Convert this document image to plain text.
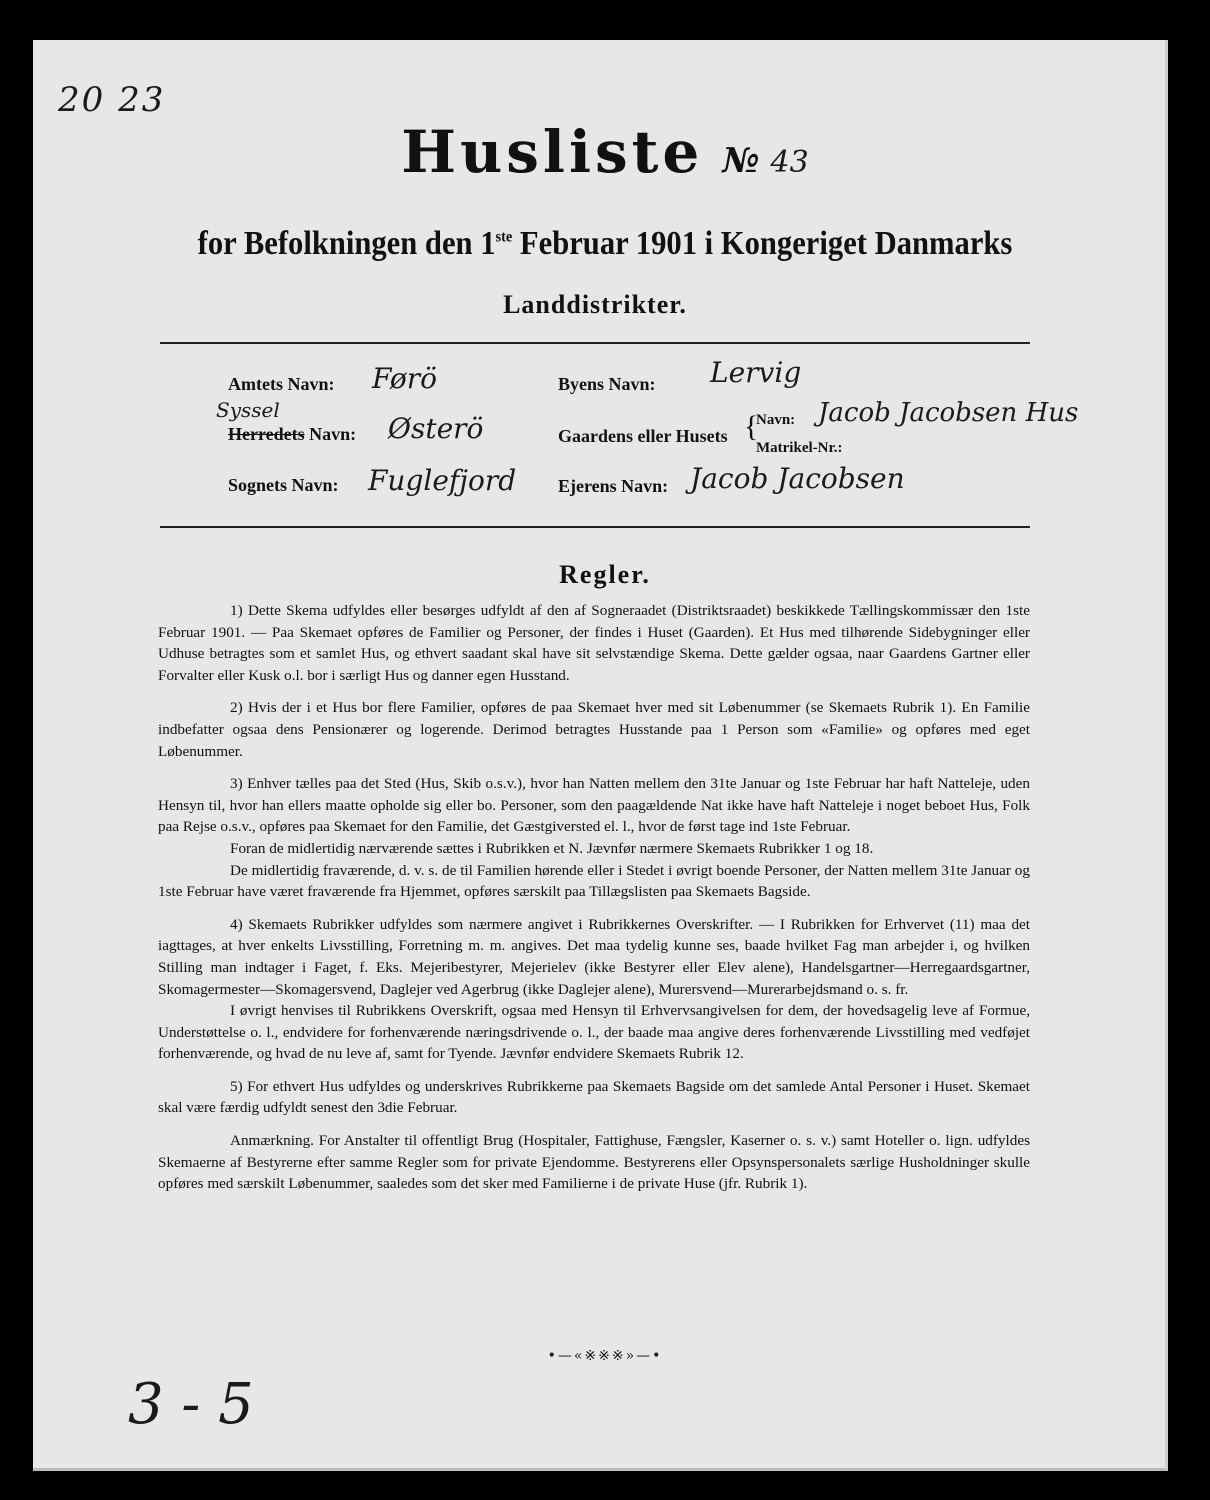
20 23
Husliste № 43
for Befolkningen den 1ste Februar 1901 i Kongeriget Danmarks
Landdistrikter.
Amtets Navn: Førö	Byens Navn: Lervig
Syssel
Herredets Navn: Østerö	Gaardens eller Husets {
Navn: Jacob Jacobsen Hus
Matrikel-Nr.:
Sognets Navn: Fuglefjord Ejerens Navn: Jacob Jacobsen
Regler.

1) Dette Skema udfyldes eller besørges udfyldt af den af Sogneraadet (Distriktsraadet) beskikkede Tællingskommissær den 1ste Februar 1901. — Paa Skemaet opføres de Familier og Personer, der findes i Huset (Gaarden). Et Hus med tilhørende Sidebygninger eller Udhuse betragtes som et samlet Hus, og ethvert saadant skal have sit selvstændige Skema. Dette gælder ogsaa, naar Gaardens Gartner eller Forvalter eller Kusk o.l. bor i særligt Hus og danner egen Husstand.

2) Hvis der i et Hus bor flere Familier, opføres de paa Skemaet hver med sit Løbenummer (se Skemaets Rubrik 1). En Familie indbefatter ogsaa dens Pensionærer og logerende. Derimod betragtes Husstande paa 1 Person som «Familie» og opføres med eget Løbenummer.

3) Enhver tælles paa det Sted (Hus, Skib o.s.v.), hvor han Natten mellem den 31te Januar og 1ste Februar har haft Natteleje, uden Hensyn til, hvor han ellers maatte opholde sig eller bo. Personer, som den paagældende Nat ikke have haft Natteleje i noget beboet Hus, Folk paa Rejse o.s.v., opføres paa Skemaet for den Familie, det Gæstgiversted el. l., hvor de først tage ind 1ste Februar.

Foran de midlertidig nærværende sættes i Rubrikken et N. Jævnfør nærmere Skemaets Rubrikker 1 og 18.

De midlertidig fraværende, d. v. s. de til Familien hørende eller i Stedet i øvrigt boende Personer, der Natten mellem 31te Januar og 1ste Februar have været fraværende fra Hjemmet, opføres særskilt paa Tillægslisten paa Skemaets Bagside.

4) Skemaets Rubrikker udfyldes som nærmere angivet i Rubrikkernes Overskrifter. — I Rubrikken for Erhvervet (11) maa det iagttages, at hver enkelts Livsstilling, Forretning m. m. angives. Det maa tydelig kunne ses, baade hvilket Fag man arbejder i, og hvilken Stilling man indtager i Faget, f. Eks. Mejeribestyrer, Mejerielev (ikke Bestyrer eller Elev alene), Handelsgartner—Herregaardsgartner, Skomagermester—Skomagersvend, Daglejer ved Agerbrug (ikke Daglejer alene), Murersvend—Murerarbejdsmand o. s. fr.

I øvrigt henvises til Rubrikkens Overskrift, ogsaa med Hensyn til Erhvervsangivelsen for dem, der hovedsagelig leve af Formue, Understøttelse o. l., endvidere for forhenværende næringsdrivende o. l., der baade maa angive deres forhenværende Livsstilling med vedføjet forhenværende, og hvad de nu leve af, samt for Tyende. Jævnfør endvidere Skemaets Rubrik 12.

5) For ethvert Hus udfyldes og underskrives Rubrikkerne paa Skemaets Bagside om det samlede Antal Personer i Huset. Skemaet skal være færdig udfyldt senest den 3die Februar.

Anmærkning. For Anstalter til offentligt Brug (Hospitaler, Fattighuse, Fængsler, Kaserner o. s. v.) samt Hoteller o. lign. udfyldes Skemaerne af Bestyrerne efter samme Regler som for private Ejendomme. Bestyrerens eller Opsynspersonalets særlige Husholdninger skulle opføres med særskilt Løbenummer, saaledes som det sker med Familierne i de private Huse (jfr. Rubrik 1).

•—«※※※»—•
3 - 5
